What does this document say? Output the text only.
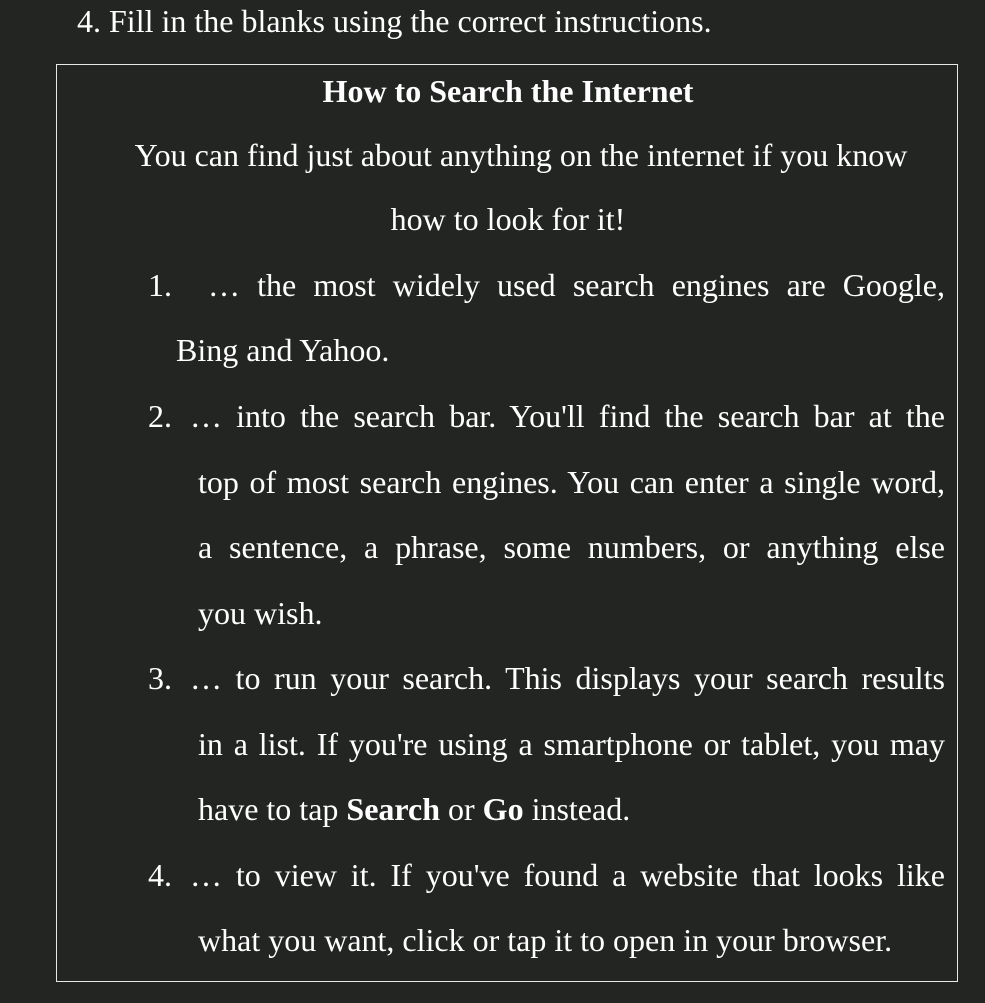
4. Fill in the blanks using the correct instructions.
How to Search the Internet
You can find just about anything on the internet if you know
how to look for it!
1. … the most widely used search engines are Google,
Bing and Yahoo.
2. … into the search bar. You'll find the search bar at the
top of most search engines. You can enter a single word,
a sentence, a phrase, some numbers, or anything else
you wish.
3. … to run your search. This displays your search results
in a list. If you're using a smartphone or tablet, you may
have to tap Search or Go instead.
4. … to view it. If you've found a website that looks like
what you want, click or tap it to open in your browser.
